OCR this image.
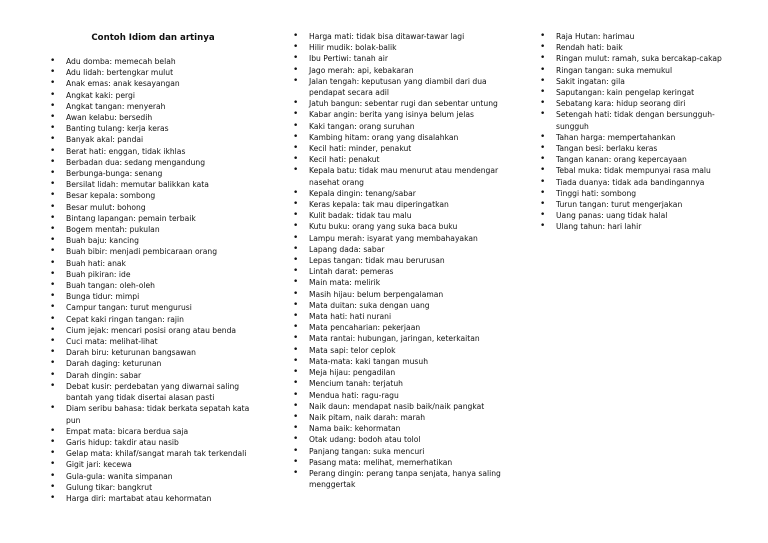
Contoh Idiom dan artinya
• Adu domba: memecah belah
• Adu lidah: bertengkar mulut
• Anak emas: anak kesayangan
• Angkat kaki: pergi
• Angkat tangan: menyerah
• Awan kelabu: bersedih
• Banting tulang: kerja keras
• Banyak akal: pandai
• Berat hati: enggan, tidak ikhlas
• Berbadan dua: sedang mengandung
• Berbunga-bunga: senang
• Bersilat lidah: memutar balikkan kata
• Besar kepala: sombong
• Besar mulut: bohong
• Bintang lapangan: pemain terbaik
• Bogem mentah: pukulan
• Buah baju: kancing
• Buah bibir: menjadi pembicaraan orang
• Buah hati: anak
• Buah pikiran: ide
• Buah tangan: oleh-oleh
• Bunga tidur: mimpi
• Campur tangan: turut mengurusi
• Cepat kaki ringan tangan: rajin
• Cium jejak: mencari posisi orang atau benda
• Cuci mata: melihat-lihat
• Darah biru: keturunan bangsawan
• Darah daging: keturunan
• Darah dingin: sabar
• Debat kusir: perdebatan yang diwarnai saling bantah yang tidak disertai alasan pasti
• Diam seribu bahasa: tidak berkata sepatah kata pun
• Empat mata: bicara berdua saja
• Garis hidup: takdir atau nasib
• Gelap mata: khilaf/sangat marah tak terkendali
• Gigit jari: kecewa
• Gula-gula: wanita simpanan
• Gulung tikar: bangkrut
• Harga diri: martabat atau kehormatan
• Harga mati: tidak bisa ditawar-tawar lagi
• Hilir mudik: bolak-balik
• Ibu Pertiwi: tanah air
• Jago merah: api, kebakaran
• Jalan tengah: keputusan yang diambil dari dua pendapat secara adil
• Jatuh bangun: sebentar rugi dan sebentar untung
• Kabar angin: berita yang isinya belum jelas
• Kaki tangan: orang suruhan
• Kambing hitam: orang yang disalahkan
• Kecil hati: minder, penakut
• Kecil hati: penakut
• Kepala batu: tidak mau menurut atau mendengar nasehat orang
• Kepala dingin: tenang/sabar
• Keras kepala: tak mau diperingatkan
• Kulit badak: tidak tau malu
• Kutu buku: orang yang suka baca buku
• Lampu merah: isyarat yang membahayakan
• Lapang dada: sabar
• Lepas tangan: tidak mau berurusan
• Lintah darat: pemeras
• Main mata: melirik
• Masih hijau: belum berpengalaman
• Mata duitan: suka dengan uang
• Mata hati: hati nurani
• Mata pencaharian: pekerjaan
• Mata rantai: hubungan, jaringan, keterkaitan
• Mata sapi: telor ceplok
• Mata-mata: kaki tangan musuh
• Meja hijau: pengadilan
• Mencium tanah: terjatuh
• Mendua hati: ragu-ragu
• Naik daun: mendapat nasib baik/naik pangkat
• Naik pitam, naik darah: marah
• Nama baik: kehormatan
• Otak udang: bodoh atau tolol
• Panjang tangan: suka mencuri
• Pasang mata: melihat, memerhatikan
• Perang dingin: perang tanpa senjata, hanya saling menggertak
• Raja Hutan: harimau
• Rendah hati: baik
• Ringan mulut: ramah, suka bercakap-cakap
• Ringan tangan: suka memukul
• Sakit ingatan: gila
• Saputangan: kain pengelap keringat
• Sebatang kara: hidup seorang diri
• Setengah hati: tidak dengan bersungguh-sungguh
• Tahan harga: mempertahankan
• Tangan besi: berlaku keras
• Tangan kanan: orang kepercayaan
• Tebal muka: tidak mempunyai rasa malu
• Tiada duanya: tidak ada bandingannya
• Tinggi hati: sombong
• Turun tangan: turut mengerjakan
• Uang panas: uang tidak halal
• Ulang tahun: hari lahir
